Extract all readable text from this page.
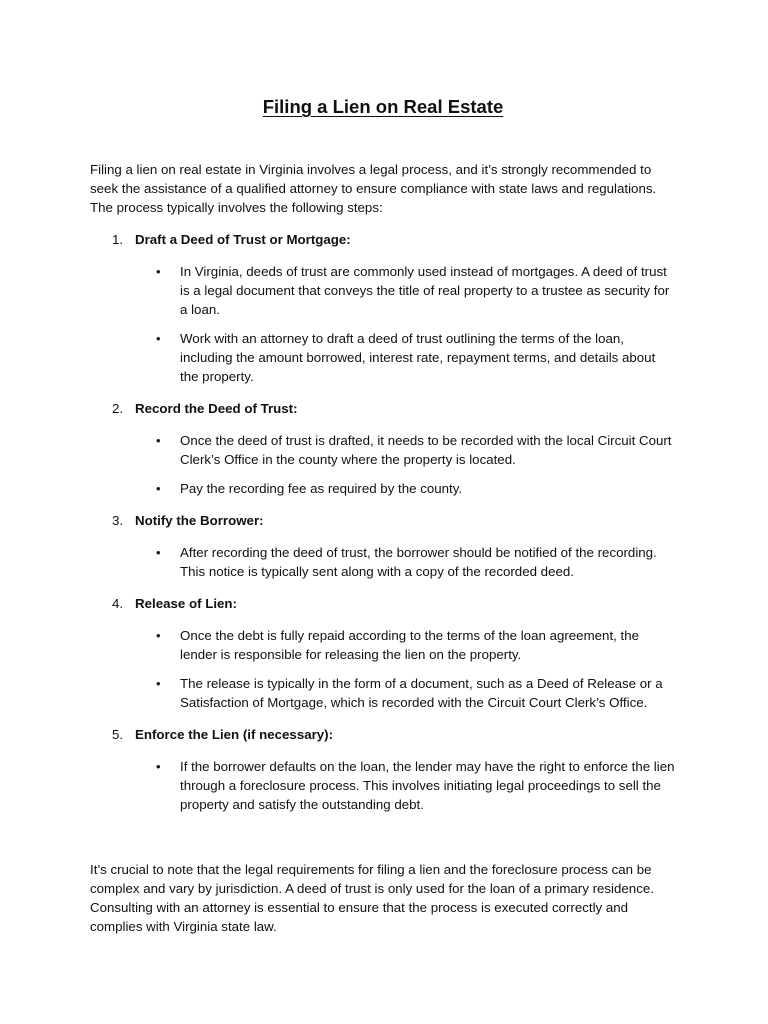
Filing a Lien on Real Estate

Filing a lien on real estate in Virginia involves a legal process, and it’s strongly recommended to seek the assistance of a qualified attorney to ensure compliance with state laws and regulations. The process typically involves the following steps:

1. Draft a Deed of Trust or Mortgage:
•	In Virginia, deeds of trust are commonly used instead of mortgages. A deed of trust is a legal document that conveys the title of real property to a trustee as security for a loan.
•	Work with an attorney to draft a deed of trust outlining the terms of the loan, including the amount borrowed, interest rate, repayment terms, and details about the property.
2. Record the Deed of Trust:
•	Once the deed of trust is drafted, it needs to be recorded with the local Circuit Court Clerk’s Office in the county where the property is located.
•	Pay the recording fee as required by the county.
3. Notify the Borrower:
•	After recording the deed of trust, the borrower should be notified of the recording. This notice is typically sent along with a copy of the recorded deed.
4. Release of Lien:
•	Once the debt is fully repaid according to the terms of the loan agreement, the lender is responsible for releasing the lien on the property.
•	The release is typically in the form of a document, such as a Deed of Release or a Satisfaction of Mortgage, which is recorded with the Circuit Court Clerk’s Office.
5. Enforce the Lien (if necessary):
•	If the borrower defaults on the loan, the lender may have the right to enforce the lien through a foreclosure process. This involves initiating legal proceedings to sell the property and satisfy the outstanding debt.

It’s crucial to note that the legal requirements for filing a lien and the foreclosure process can be complex and vary by jurisdiction. A deed of trust is only used for the loan of a primary residence. Consulting with an attorney is essential to ensure that the process is executed correctly and complies with Virginia state law.
